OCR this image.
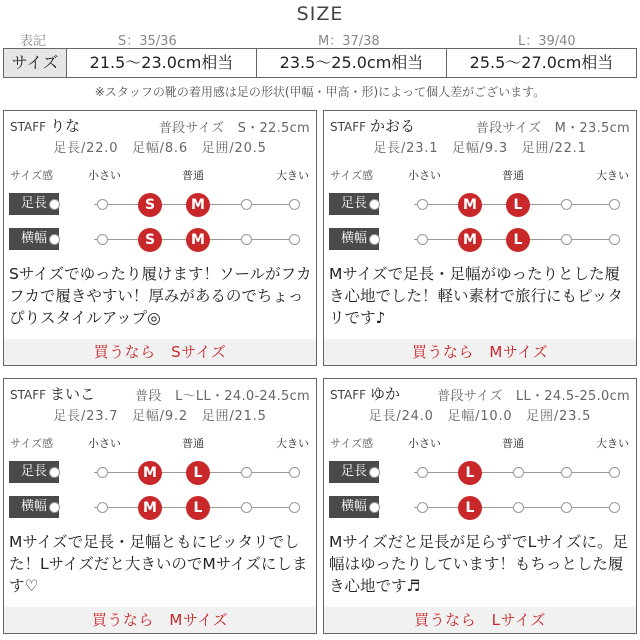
SIZE
表記	S：35/36	M：37/38	L：39/40
サイズ	21.5〜23.0cm相当	23.5〜25.0cm相当	25.5〜27.0cm相当
※スタッフの靴の着用感は足の形状(甲幅・甲高・形)によって個人差がございます。
STAFF りな	普段サイズ　S・22.5cm
足長/22.0　足幅/8.6　足囲/20.5
サイズ感	小さい	普通	大きい
足長	S	M
横幅	S	M
Sサイズでゆったり履けます！ソールがフカフカで履きやすい！厚みがあるのでちょっぴりスタイルアップ◎
買うなら　Sサイズ
STAFF かおる	普段サイズ　M・23.5cm
足長/23.1　足幅/9.3　足囲/22.1
サイズ感	小さい	普通	大きい
足長	M	L
横幅	M	L
Mサイズで足長・足幅がゆったりとした履き心地でした！軽い素材で旅行にもピッタリです♪
買うなら　Mサイズ
STAFF まいこ	普段　L〜LL・24.0-24.5cm
足長/23.7　足幅/9.2　足囲/21.5
サイズ感	小さい	普通	大きい
足長	M	L
横幅	M	L
Mサイズで足長・足幅ともにピッタリでした！Lサイズだと大きいのでMサイズにします♡
買うなら　Mサイズ
STAFF ゆか	普段サイズ　LL・24.5-25.0cm
足長/24.0　足幅/10.0　足囲/23.5
サイズ感	小さい	普通	大きい
足長	L
横幅	L
Mサイズだと足長が足らずでLサイズに。足幅はゆったりしています！もちっとした履き心地です♬
買うなら　Lサイズ
